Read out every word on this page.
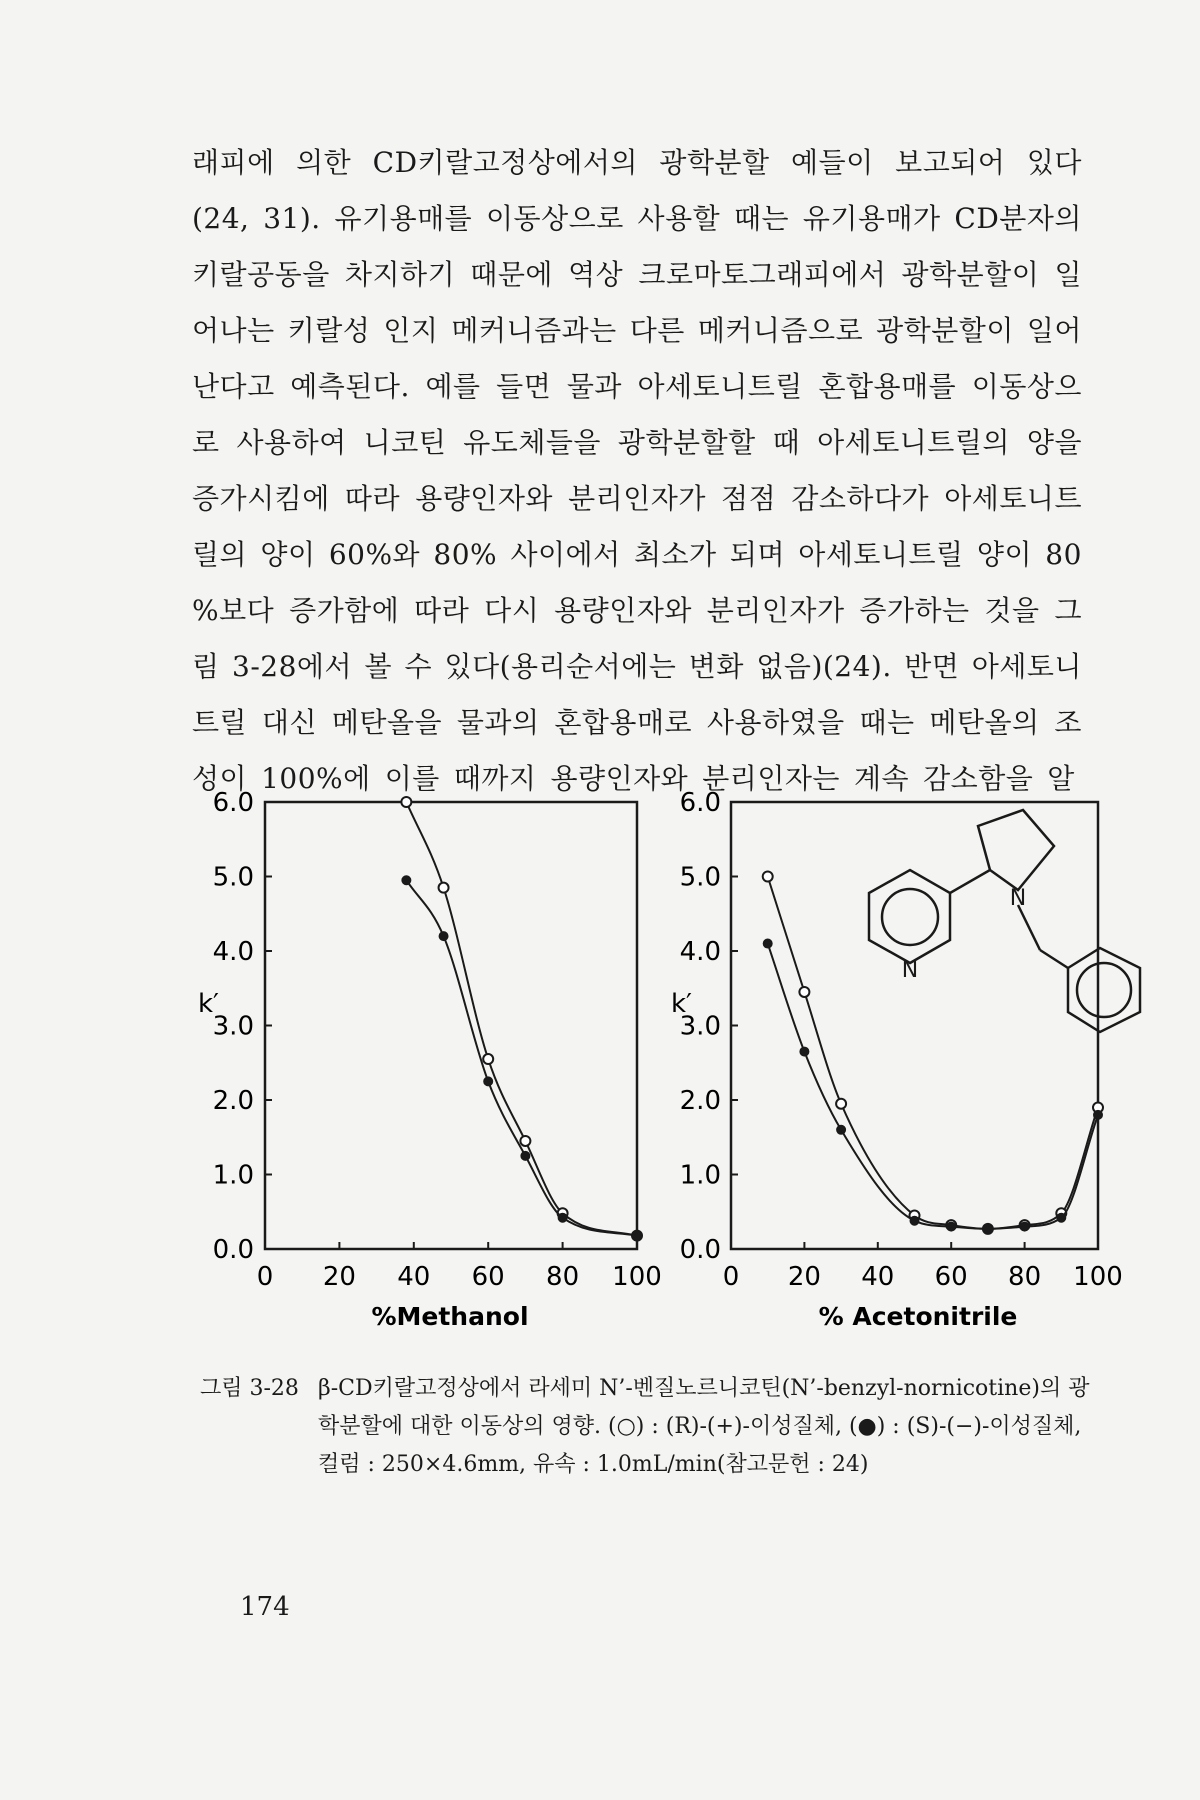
래피에 의한 CD키랄고정상에서의 광학분할 예들이 보고되어 있다
(24, 31). 유기용매를 이동상으로 사용할 때는 유기용매가 CD분자의
키랄공동을 차지하기 때문에 역상 크로마토그래피에서 광학분할이 일
어나는 키랄성 인지 메커니즘과는 다른 메커니즘으로 광학분할이 일어
난다고 예측된다. 예를 들면 물과 아세토니트릴 혼합용매를 이동상으
로 사용하여 니코틴 유도체들을 광학분할할 때 아세토니트릴의 양을
증가시킴에 따라 용량인자와 분리인자가 점점 감소하다가 아세토니트
릴의 양이 60%와 80% 사이에서 최소가 되며 아세토니트릴 양이 80
%보다 증가함에 따라 다시 용량인자와 분리인자가 증가하는 것을 그
림 3-28에서 볼 수 있다(용리순서에는 변화 없음)(24). 반면 아세토니
트릴 대신 메탄올을 물과의 혼합용매로 사용하였을 때는 메탄올의 조
성이 100%에 이를 때까지 용량인자와 분리인자는 계속 감소함을 알
k′
0.0
1.0
2.0
3.0
4.0
5.0
6.0
0 20 40 60 80 100
%Methanol
k′
0.0
1.0
2.0
3.0
4.0
5.0
6.0
0 20 40 60 80 100
% Acetonitrile
N
N
그림 3-28 β-CD키랄고정상에서 라세미 N’-벤질노르니코틴(N’-benzyl-nornicotine)의 광학분할에 대한 이동상의 영향. (○) : (R)-(+)-이성질체, (●) : (S)-(−)-이성질체, 컬럼 : 250×4.6mm, 유속 : 1.0mL/min(참고문헌 : 24)
174
